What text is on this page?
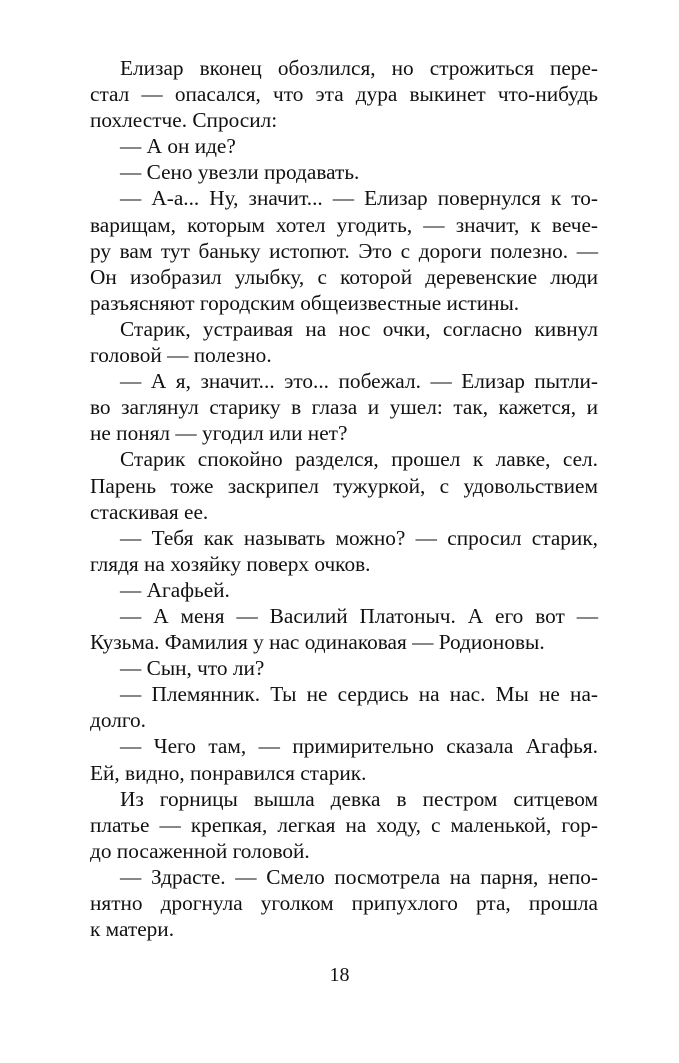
Елизар вконец обозлился, но строжиться пере-
стал — опасался, что эта дура выкинет что-нибудь
похлестче. Спросил:
— А он иде?
— Сено увезли продавать.
— А-а... Ну, значит... — Елизар повернулся к то-
варищам, которым хотел угодить, — значит, к вече-
ру вам тут баньку истопют. Это с дороги полезно. —
Он изобразил улыбку, с которой деревенские люди
разъясняют городским общеизвестные истины.
Старик, устраивая на нос очки, согласно кивнул
головой — полезно.
— А я, значит... это... побежал. — Елизар пытли-
во заглянул старику в глаза и ушел: так, кажется, и
не понял — угодил или нет?
Старик спокойно разделся, прошел к лавке, сел.
Парень тоже заскрипел тужуркой, с удовольствием
стаскивая ее.
— Тебя как называть можно? — спросил старик,
глядя на хозяйку поверх очков.
— Агафьей.
— А меня — Василий Платоныч. А его вот —
Кузьма. Фамилия у нас одинаковая — Родионовы.
— Сын, что ли?
— Племянник. Ты не сердись на нас. Мы не на-
долго.
— Чего там, — примирительно сказала Агафья.
Ей, видно, понравился старик.
Из горницы вышла девка в пестром ситцевом
платье — крепкая, легкая на ходу, с маленькой, гор-
до посаженной головой.
— Здрасте. — Смело посмотрела на парня, непо-
нятно дрогнула уголком припухлого рта, прошла
к матери.
18
